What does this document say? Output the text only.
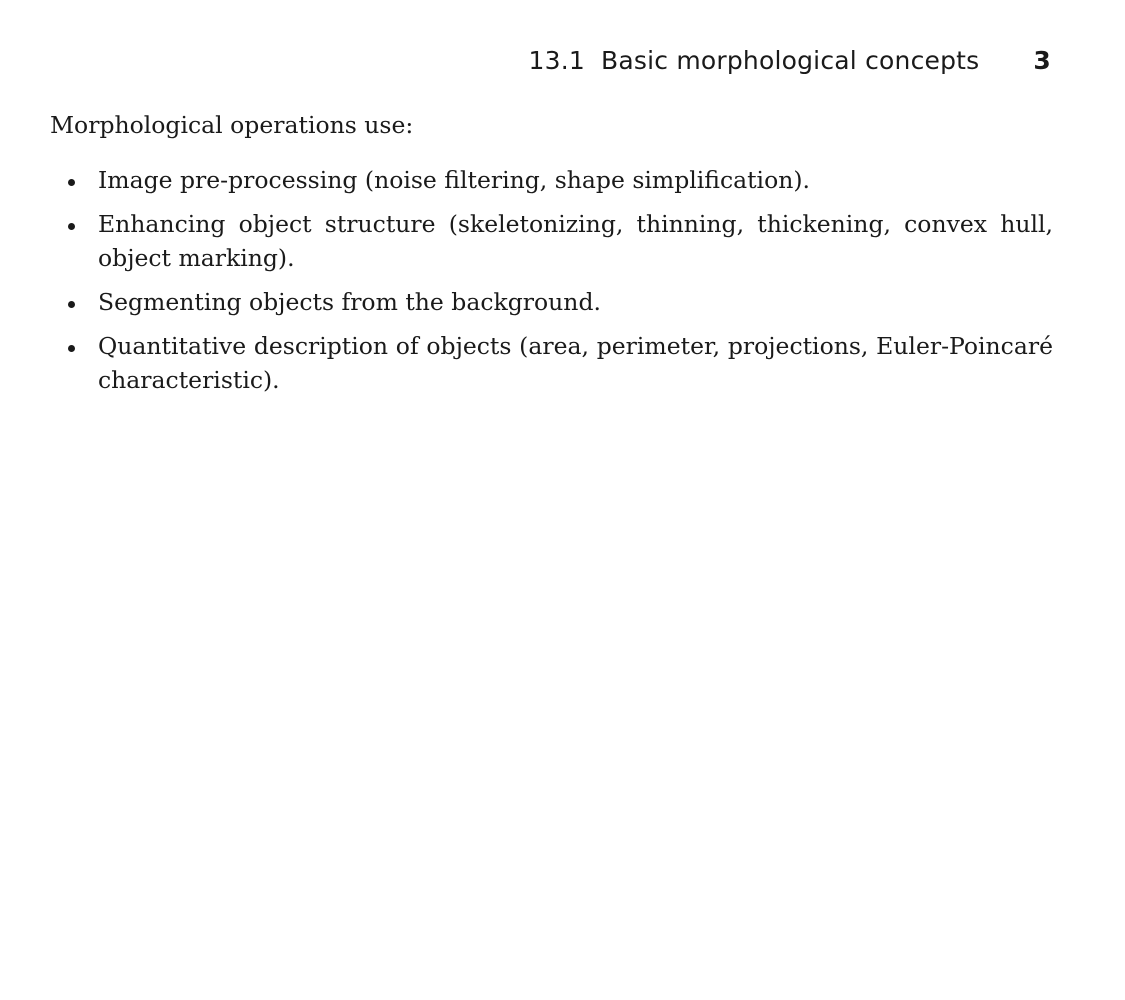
13.1 Basic morphological concepts 3

Morphological operations use:

Image pre-processing (noise filtering, shape simplification).
Enhancing object structure (skeletonizing, thinning, thickening, convex hull, object marking).
Segmenting objects from the background.
Quantitative description of objects (area, perimeter, projections, Euler-Poincaré characteristic).
